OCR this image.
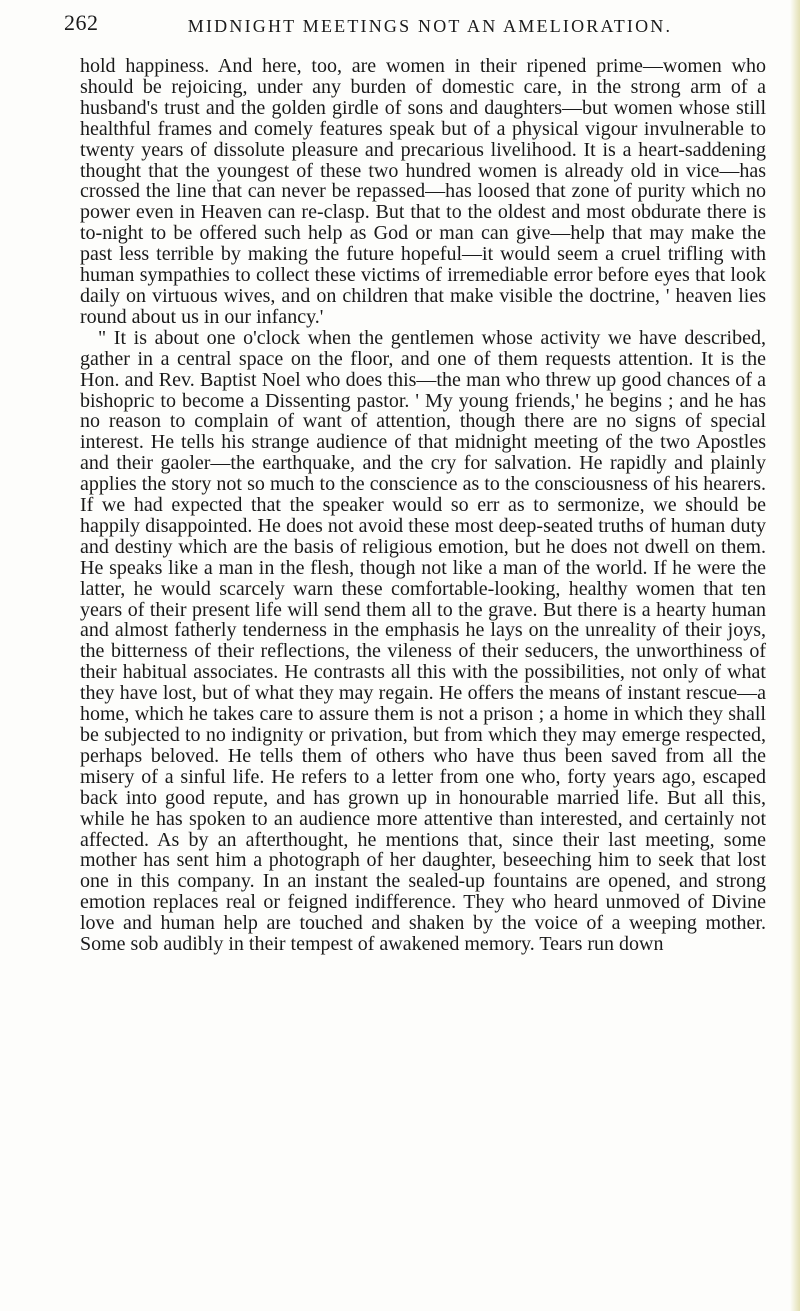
262	MIDNIGHT MEETINGS NOT AN AMELIORATION.

hold happiness. And here, too, are women in their ripened prime—women who should be rejoicing, under any burden of domestic care, in the strong arm of a husband's trust and the golden girdle of sons and daughters—but women whose still healthful frames and comely features speak but of a physical vigour invulnerable to twenty years of dissolute pleasure and precarious livelihood. It is a heart-saddening thought that the youngest of these two hundred women is already old in vice—has crossed the line that can never be repassed—has loosed that zone of purity which no power even in Heaven can re-clasp. But that to the oldest and most obdurate there is to-night to be offered such help as God or man can give—help that may make the past less terrible by making the future hopeful—it would seem a cruel trifling with human sympathies to collect these victims of irremediable error before eyes that look daily on virtuous wives, and on children that make visible the doctrine, ' heaven lies round about us in our infancy.'

" It is about one o'clock when the gentlemen whose activity we have described, gather in a central space on the floor, and one of them requests attention. It is the Hon. and Rev. Baptist Noel who does this—the man who threw up good chances of a bishopric to become a Dissenting pastor. ' My young friends,' he begins ; and he has no reason to complain of want of attention, though there are no signs of special interest. He tells his strange audience of that midnight meeting of the two Apostles and their gaoler—the earthquake, and the cry for salvation. He rapidly and plainly applies the story not so much to the conscience as to the consciousness of his hearers. If we had expected that the speaker would so err as to sermonize, we should be happily disappointed. He does not avoid these most deep-seated truths of human duty and destiny which are the basis of religious emotion, but he does not dwell on them. He speaks like a man in the flesh, though not like a man of the world. If he were the latter, he would scarcely warn these comfortable-looking, healthy women that ten years of their present life will send them all to the grave. But there is a hearty human and almost fatherly tenderness in the emphasis he lays on the unreality of their joys, the bitterness of their reflections, the vileness of their seducers, the unworthiness of their habitual associates. He contrasts all this with the possibilities, not only of what they have lost, but of what they may regain. He offers the means of instant rescue—a home, which he takes care to assure them is not a prison ; a home in which they shall be subjected to no indignity or privation, but from which they may emerge respected, perhaps beloved. He tells them of others who have thus been saved from all the misery of a sinful life. He refers to a letter from one who, forty years ago, escaped back into good repute, and has grown up in honourable married life. But all this, while he has spoken to an audience more attentive than interested, and certainly not affected. As by an afterthought, he mentions that, since their last meeting, some mother has sent him a photograph of her daughter, beseeching him to seek that lost one in this company. In an instant the sealed-up fountains are opened, and strong emotion replaces real or feigned indifference. They who heard unmoved of Divine love and human help are touched and shaken by the voice of a weeping mother. Some sob audibly in their tempest of awakened memory. Tears run down
